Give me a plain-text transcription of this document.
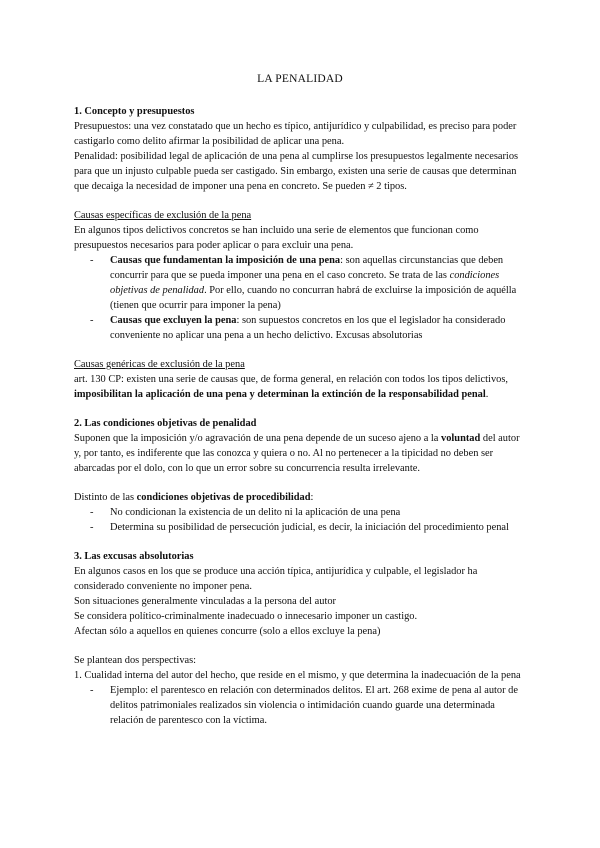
LA PENALIDAD

1. Concepto y presupuestos

Presupuestos: una vez constatado que un hecho es típico, antijurídico y culpabilidad, es preciso para poder castigarlo como delito afirmar la posibilidad de aplicar una pena.

Penalidad: posibilidad legal de aplicación de una pena al cumplirse los presupuestos legalmente necesarios para que un injusto culpable pueda ser castigado. Sin embargo, existen una serie de causas que determinan que decaiga la necesidad de imponer una pena en concreto. Se pueden ≠ 2 tipos.

Causas específicas de exclusión de la pena

En algunos tipos delictivos concretos se han incluido una serie de elementos que funcionan como presupuestos necesarios para poder aplicar o para excluir una pena.

- Causas que fundamentan la imposición de una pena: son aquellas circunstancias que deben concurrir para que se pueda imponer una pena en el caso concreto. Se trata de las condiciones objetivas de penalidad. Por ello, cuando no concurran habrá de excluirse la imposición de aquélla (tienen que ocurrir para imponer la pena)
- Causas que excluyen la pena: son supuestos concretos en los que el legislador ha considerado conveniente no aplicar una pena a un hecho delictivo. Excusas absolutorias

Causas genéricas de exclusión de la pena

art. 130 CP: existen una serie de causas que, de forma general, en relación con todos los tipos delictivos, imposibilitan la aplicación de una pena y determinan la extinción de la responsabilidad penal.

2. Las condiciones objetivas de penalidad

Suponen que la imposición y/o agravación de una pena depende de un suceso ajeno a la voluntad del autor y, por tanto, es indiferente que las conozca y quiera o no. Al no pertenecer a la tipicidad no deben ser abarcadas por el dolo, con lo que un error sobre su concurrencia resulta irrelevante.

Distinto de las condiciones objetivas de procedibilidad:

- No condicionan la existencia de un delito ni la aplicación de una pena
- Determina su posibilidad de persecución judicial, es decir, la iniciación del procedimiento penal

3. Las excusas absolutorias

En algunos casos en los que se produce una acción típica, antijurídica y culpable, el legislador ha considerado conveniente no imponer pena.

Son situaciones generalmente vinculadas a la persona del autor

Se considera político-criminalmente inadecuado o innecesario imponer un castigo.

Afectan sólo a aquellos en quienes concurre (solo a ellos excluye la pena)

Se plantean dos perspectivas:

1. Cualidad interna del autor del hecho, que reside en el mismo, y que determina la inadecuación de la pena

- Ejemplo: el parentesco en relación con determinados delitos. El art. 268 exime de pena al autor de delitos patrimoniales realizados sin violencia o intimidación cuando guarde una determinada relación de parentesco con la víctima.
